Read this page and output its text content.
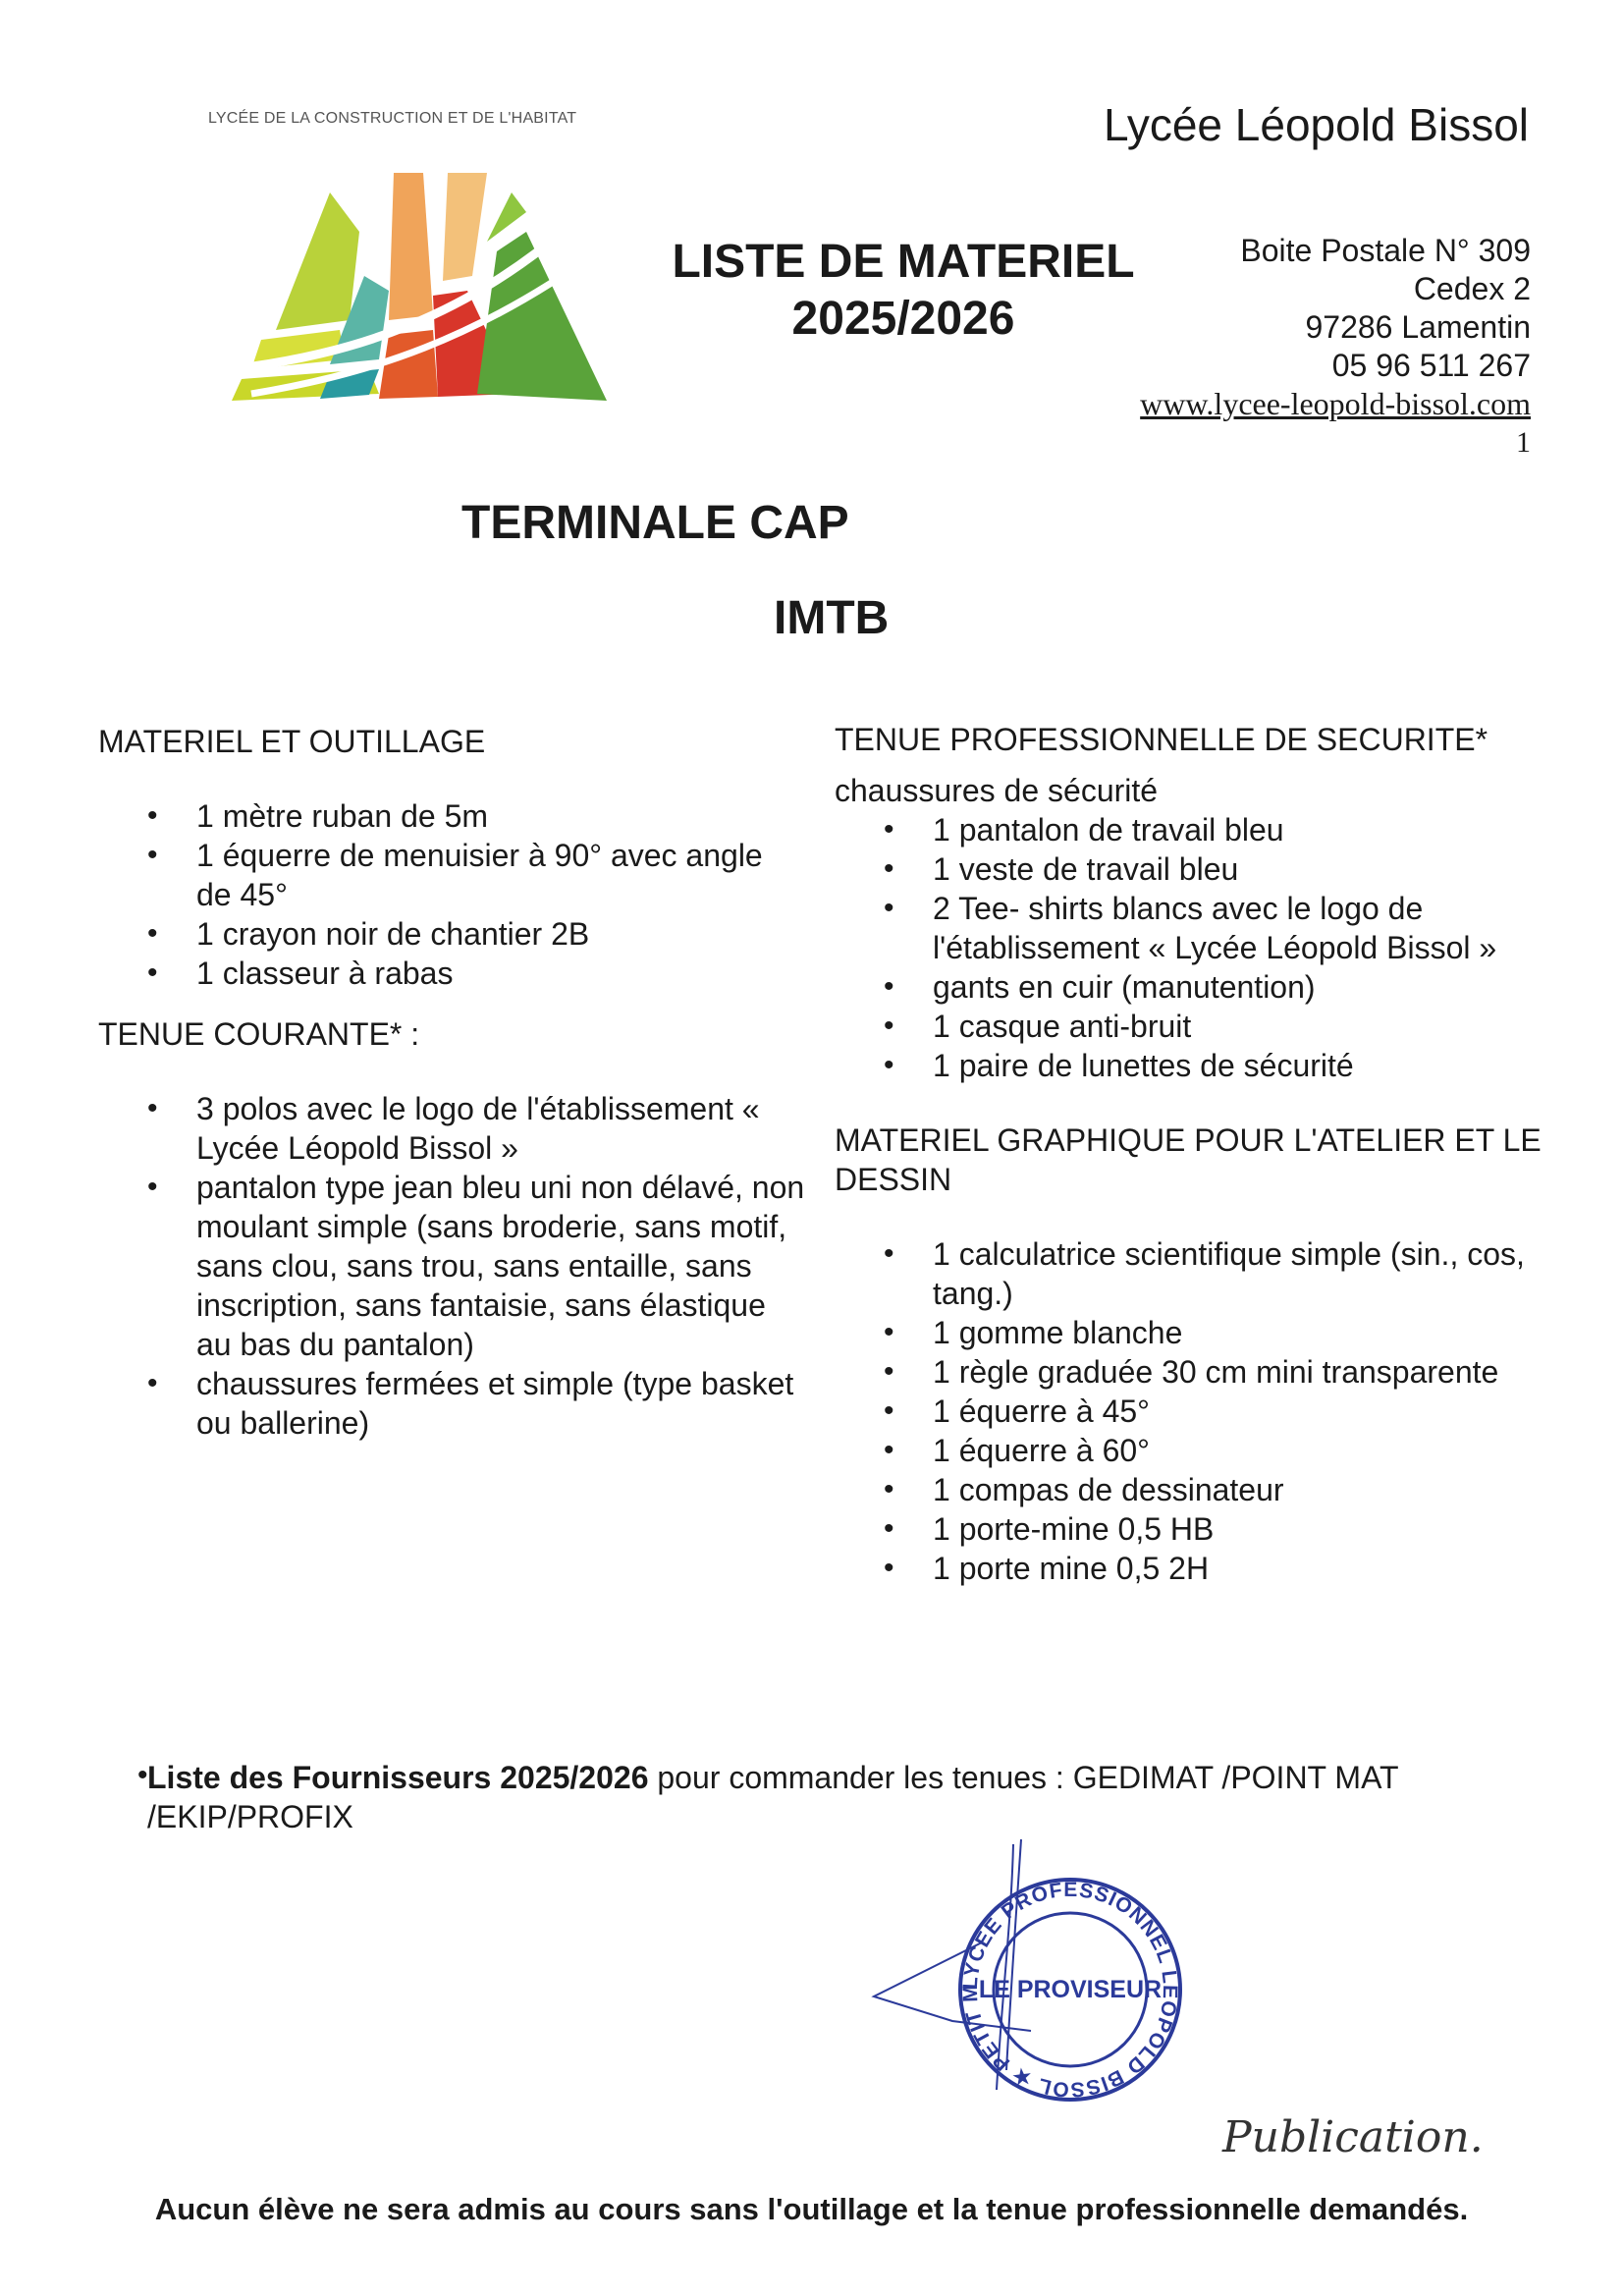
LYCÉE DE LA CONSTRUCTION ET DE L'HABITAT	Lycée Léopold Bissol
LISTE DE MATERIEL
2025/2026
Boite Postale N° 309
Cedex 2
97286 Lamentin
05 96 511 267
www.lycee-leopold-bissol.com
1
TERMINALE CAP
IMTB
MATERIEL ET OUTILLAGE
• 1 mètre ruban de 5m
• 1 équerre de menuisier à 90° avec angle de 45°
• 1 crayon noir de chantier 2B
• 1 classeur à rabas
TENUE COURANTE* :
• 3 polos avec le logo de l'établissement « Lycée Léopold Bissol »
• pantalon type jean bleu uni non délavé, non moulant simple (sans broderie, sans motif, sans clou, sans trou, sans entaille, sans inscription, sans fantaisie, sans élastique au bas du pantalon)
• chaussures fermées et simple (type basket ou ballerine)
TENUE PROFESSIONNELLE DE SECURITE*

chaussures de sécurité

• 1 pantalon de travail bleu
• 1 veste de travail bleu
• 2 Tee- shirts blancs avec le logo de l'établissement « Lycée Léopold Bissol »
• gants en cuir (manutention)
• 1 casque anti-bruit
• 1 paire de lunettes de sécurité
MATERIEL GRAPHIQUE POUR L'ATELIER ET LE DESSIN
• 1 calculatrice scientifique simple (sin., cos, tang.)
• 1 gomme blanche
• 1 règle graduée 30 cm mini transparente
• 1 équerre à 45°
• 1 équerre à 60°
• 1 compas de dessinateur
• 1 porte-mine 0,5 HB
• 1 porte mine 0,5 2H
• Liste des Fournisseurs 2025/2026 pour commander les tenues : GEDIMAT /POINT MAT /EKIP/PROFIX
LYCÉE PROFESSIONNEL LÉOPOLD BISSOL ★ PETIT M
LE PROVISEUR
Publication.
Aucun élève ne sera admis au cours sans l'outillage et la tenue professionnelle demandés.
